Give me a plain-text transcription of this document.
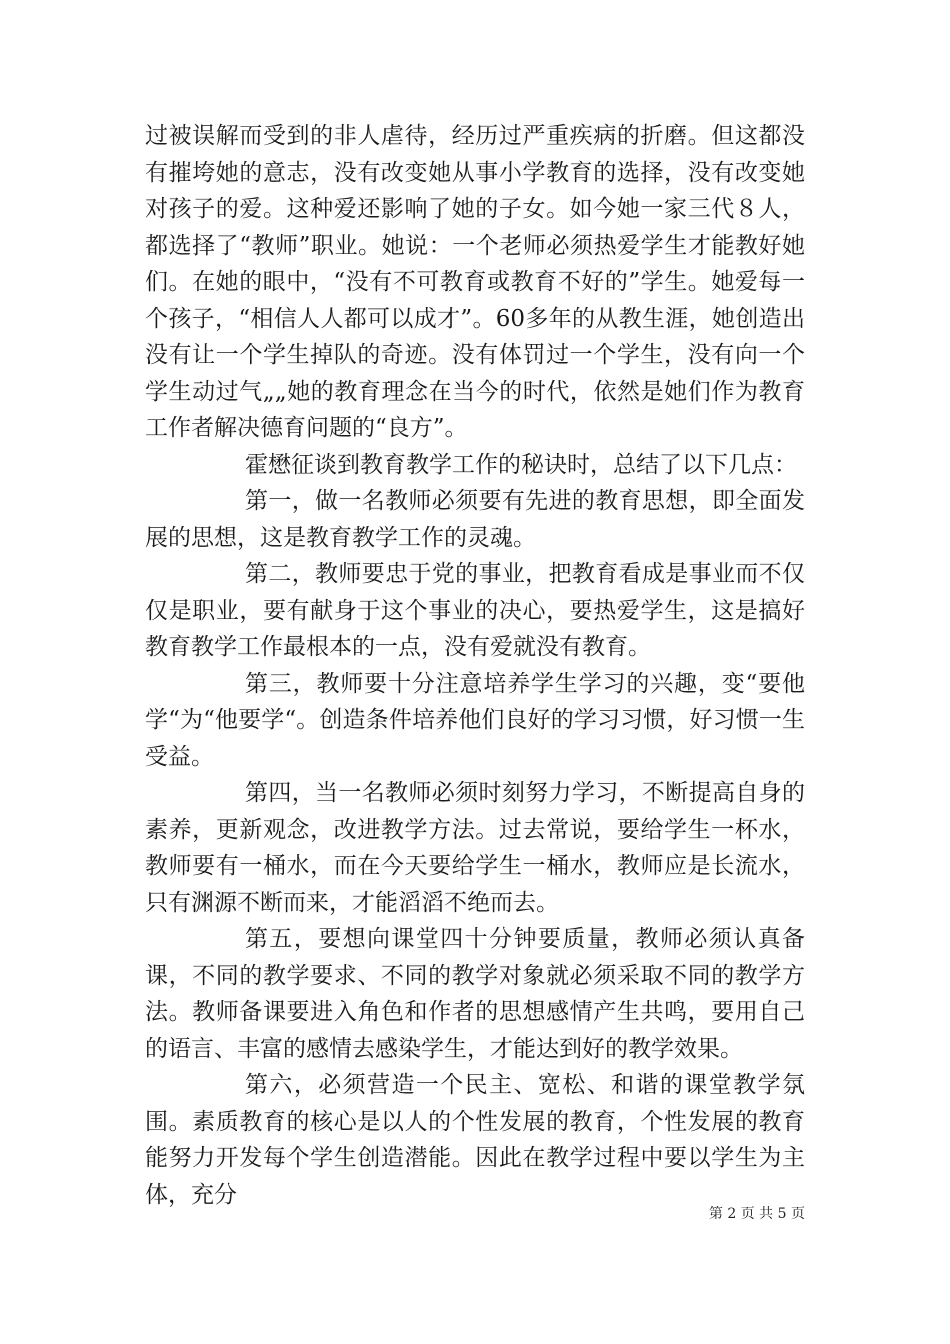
过被误解而受到的非人虐待，经历过严重疾病的折磨。但这都没有摧垮她的意志，没有改变她从事小学教育的选择，没有改变她对孩子的爱。这种爱还影响了她的子女。如今她一家三代８人，都选择了“教师”职业。她说：一个老师必须热爱学生才能教好她们。在她的眼中，“没有不可教育或教育不好的”学生。她爱每一个孩子，“相信人人都可以成才”。60多年的从教生涯，她创造出没有让一个学生掉队的奇迹。没有体罚过一个学生，没有向一个学生动过气„„她的教育理念在当今的时代，依然是她们作为教育工作者解决德育问题的“良方”。

霍懋征谈到教育教学工作的秘诀时，总结了以下几点：

第一，做一名教师必须要有先进的教育思想，即全面发展的思想，这是教育教学工作的灵魂。

第二，教师要忠于党的事业，把教育看成是事业而不仅仅是职业，要有献身于这个事业的决心，要热爱学生，这是搞好教育教学工作最根本的一点，没有爱就没有教育。

第三，教师要十分注意培养学生学习的兴趣，变“要他学“为“他要学“。创造条件培养他们良好的学习习惯，好习惯一生受益。

第四，当一名教师必须时刻努力学习，不断提高自身的素养，更新观念，改进教学方法。过去常说，要给学生一杯水，教师要有一桶水，而在今天要给学生一桶水，教师应是长流水，只有渊源不断而来，才能滔滔不绝而去。

第五，要想向课堂四十分钟要质量，教师必须认真备课，不同的教学要求、不同的教学对象就必须采取不同的教学方法。教师备课要进入角色和作者的思想感情产生共鸣，要用自己的语言、丰富的感情去感染学生，才能达到好的教学效果。

第六，必须营造一个民主、宽松、和谐的课堂教学氛围。素质教育的核心是以人的个性发展的教育，个性发展的教育能努力开发每个学生创造潜能。因此在教学过程中要以学生为主体，充分

第 2 页 共 5 页
